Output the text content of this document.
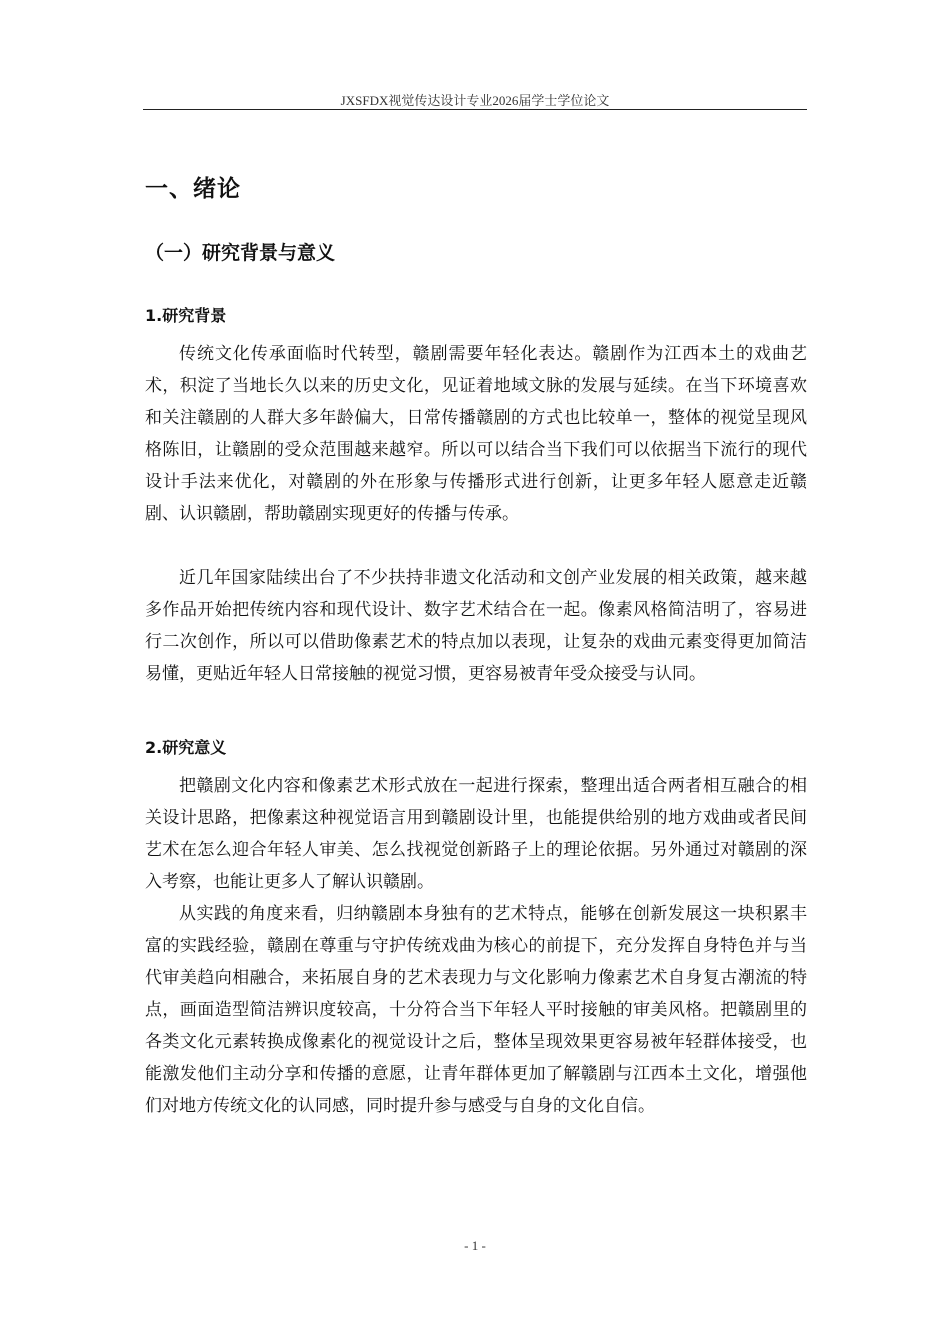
JXSFDX视觉传达设计专业2026届学士学位论文
一、绪论
（一）研究背景与意义
1.研究背景
传统文化传承面临时代转型，赣剧需要年轻化表达。赣剧作为江西本土的戏曲艺术，积淀了当地长久以来的历史文化，见证着地域文脉的发展与延续。在当下环境喜欢和关注赣剧的人群大多年龄偏大，日常传播赣剧的方式也比较单一，整体的视觉呈现风格陈旧，让赣剧的受众范围越来越窄。所以可以结合当下我们可以依据当下流行的现代设计手法来优化，对赣剧的外在形象与传播形式进行创新，让更多年轻人愿意走近赣剧、认识赣剧，帮助赣剧实现更好的传播与传承。
近几年国家陆续出台了不少扶持非遗文化活动和文创产业发展的相关政策，越来越多作品开始把传统内容和现代设计、数字艺术结合在一起。像素风格简洁明了，容易进行二次创作，所以可以借助像素艺术的特点加以表现，让复杂的戏曲元素变得更加简洁易懂，更贴近年轻人日常接触的视觉习惯，更容易被青年受众接受与认同。
2.研究意义
把赣剧文化内容和像素艺术形式放在一起进行探索，整理出适合两者相互融合的相关设计思路，把像素这种视觉语言用到赣剧设计里，也能提供给别的地方戏曲或者民间艺术在怎么迎合年轻人审美、怎么找视觉创新路子上的理论依据。另外通过对赣剧的深入考察，也能让更多人了解认识赣剧。
从实践的角度来看，归纳赣剧本身独有的艺术特点，能够在创新发展这一块积累丰富的实践经验，赣剧在尊重与守护传统戏曲为核心的前提下，充分发挥自身特色并与当代审美趋向相融合，来拓展自身的艺术表现力与文化影响力像素艺术自身复古潮流的特点，画面造型简洁辨识度较高，十分符合当下年轻人平时接触的审美风格。把赣剧里的各类文化元素转换成像素化的视觉设计之后，整体呈现效果更容易被年轻群体接受，也能激发他们主动分享和传播的意愿，让青年群体更加了解赣剧与江西本土文化，增强他们对地方传统文化的认同感，同时提升参与感受与自身的文化自信。
- 1 -
